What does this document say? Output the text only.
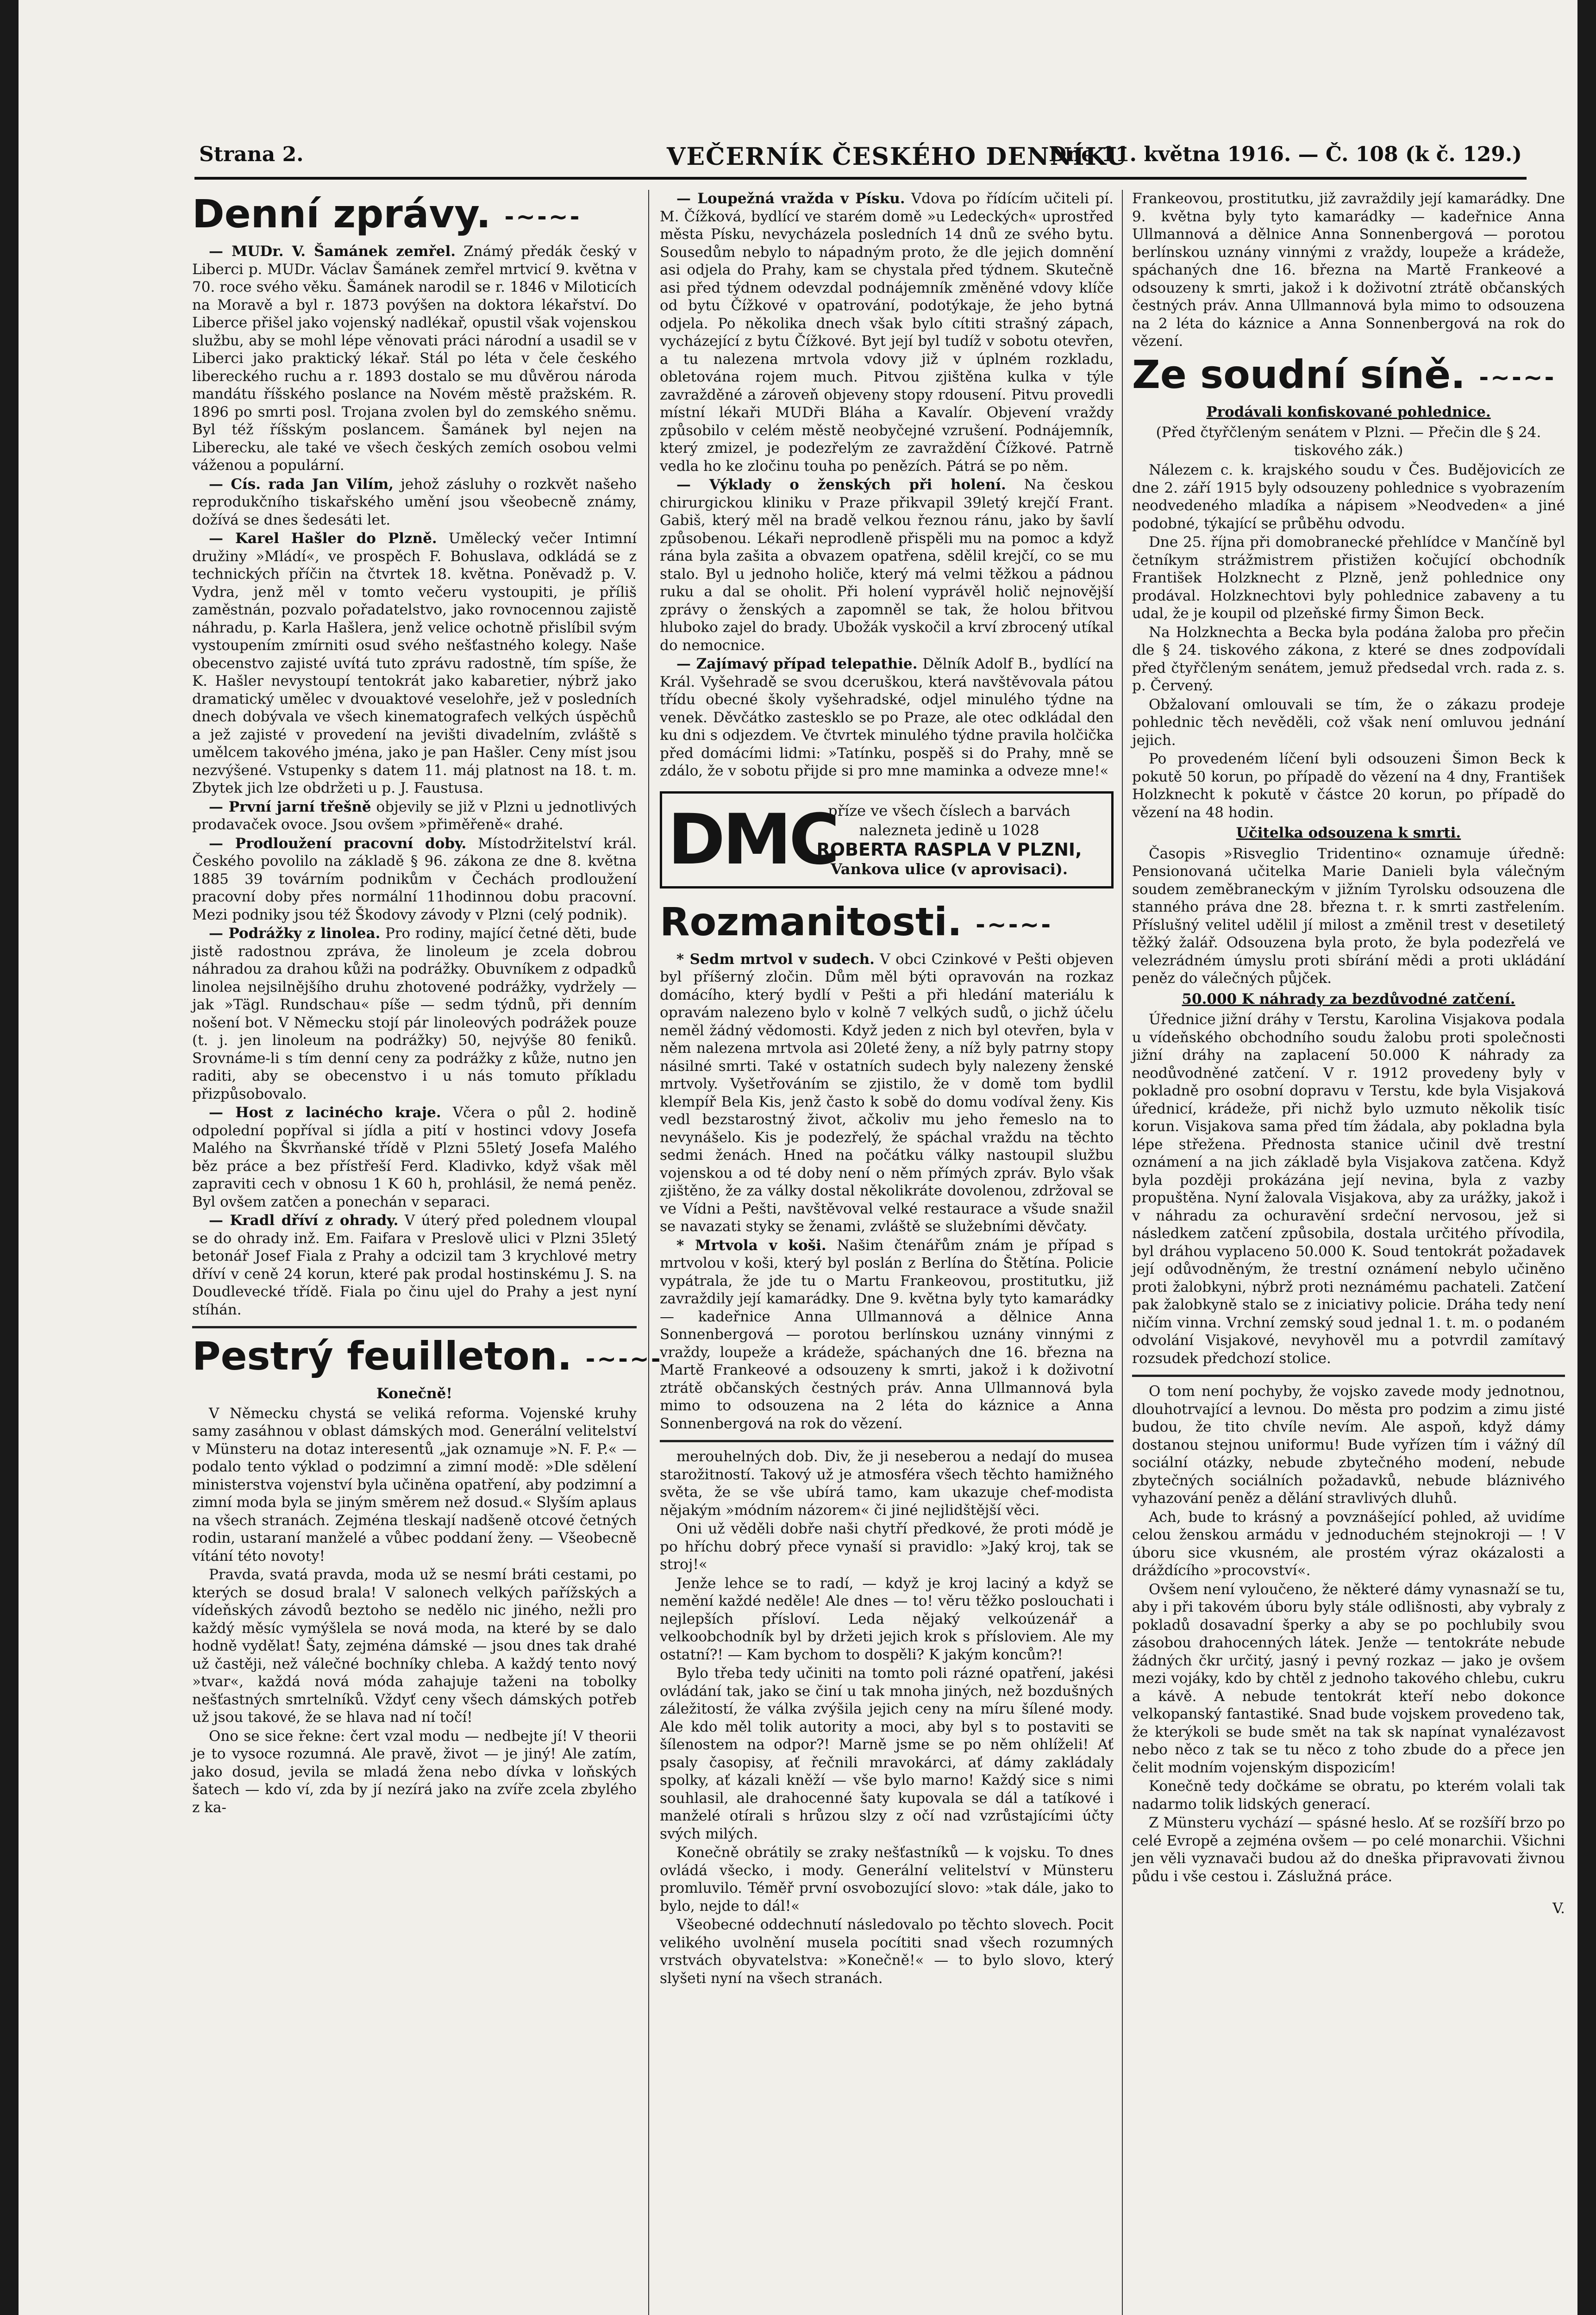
Strana 2.	VEČERNÍK ČESKÉHO DENNÍKU
Dne 11. května 1916. — Č. 108 (k č. 129.)
Denní zprávy. -~-~-

— MUDr. V. Šamánek zemřel. Známý předák český v Liberci p. MUDr. Václav Šamánek zemřel mrtvicí 9. května v 70. roce svého věku. Šamánek narodil se r. 1846 v Miloticích na Moravě a byl r. 1873 povýšen na doktora lékařství. Do Liberce přišel jako vojenský nadlékař, opustil však vojenskou službu, aby se mohl lépe věnovati práci národní a usadil se v Liberci jako praktický lékař. Stál po léta v čele českého libereckého ruchu a r. 1893 dostalo se mu důvěrou národa mandátu říšského poslance na Novém městě pražském. R. 1896 po smrti posl. Trojana zvolen byl do zemského sněmu. Byl též říšským poslancem. Šamánek byl nejen na Liberecku, ale také ve všech českých zemích osobou velmi váženou a populární.

— Cís. rada Jan Vilím, jehož zásluhy o rozkvět našeho reprodukčního tiskařského umění jsou všeobecně známy, dožívá se dnes šedesáti let.

— Karel Hašler do Plzně. Umělecký večer Intimní družiny »Mládí«, ve prospěch F. Bohuslava, odkládá se z technických příčin na čtvrtek 18. května. Poněvadž p. V. Vydra, jenž měl v tomto večeru vystoupiti, je příliš zaměstnán, pozvalo pořadatelstvo, jako rovnocennou zajistě náhradu, p. Karla Hašlera, jenž velice ochotně přislíbil svým vystoupením zmírniti osud svého nešťastného kolegy. Naše obecenstvo zajisté uvítá tuto zprávu radostně, tím spíše, že K. Hašler nevystoupí tentokrát jako kabaretier, nýbrž jako dramatický umělec v dvouaktové veselohře, jež v posledních dnech dobývala ve všech kinematografech velkých úspěchů a jež zajisté v provedení na jevišti divadelním, zvláště s umělcem takového jména, jako je pan Hašler. Ceny míst jsou nezvýšené. Vstupenky s datem 11. máj platnost na 18. t. m. Zbytek jich lze obdržeti u p. J. Faustusa.

— První jarní třešně objevily se již v Plzni u jednotlivých prodavaček ovoce. Jsou ovšem »přiměřeně« drahé.

— Prodloužení pracovní doby. Místodržitelství král. Českého povolilo na základě § 96. zákona ze dne 8. května 1885 39 továrním podnikům v Čechách prodloužení pracovní doby přes normální 11hodinnou dobu pracovní. Mezi podniky jsou též Škodovy závody v Plzni (celý podnik).

— Podrážky z linolea. Pro rodiny, mající četné děti, bude jistě radostnou zpráva, že linoleum je zcela dobrou náhradou za drahou kůži na podrážky. Obuvníkem z odpadků linolea nejsilnějšího druhu zhotovené podrážky, vydržely — jak »Tägl. Rundschau« píše — sedm týdnů, při denním nošení bot. V Německu stojí pár linoleových podrážek pouze (t. j. jen linoleum na podrážky) 50, nejvýše 80 feniků. Srovnáme-li s tím denní ceny za podrážky z kůže, nutno jen raditi, aby se obecenstvo i u nás tomuto příkladu přizpůsobovalo.

— Host z lacinécho kraje. Včera o půl 2. hodině odpolední popříval si jídla a pití v hostinci vdovy Josefa Malého na Škvrňanské třídě v Plzni 55letý Josefa Malého běz práce a bez přístřeší Ferd. Kladivko, když však měl zapraviti cech v obnosu 1 K 60 h, prohlásil, že nemá peněz. Byl ovšem zatčen a ponechán v separaci.

— Kradl dříví z ohrady. V úterý před polednem vloupal se do ohrady inž. Em. Faifara v Preslově ulici v Plzni 35letý betonář Josef Fiala z Prahy a odcizil tam 3 krychlové metry dříví v ceně 24 korun, které pak prodal hostinskému J. S. na Doudlevecké třídě. Fiala po činu ujel do Prahy a jest nyní stíhán.

Pestrý feuilleton. -~-~-

Konečně!

V Německu chystá se veliká reforma. Vojenské kruhy samy zasáhnou v oblast dámských mod. Generální velitelství v Münsteru na dotaz interesentů „jak oznamuje »N. F. P.« — podalo tento výklad o podzimní a zimní modě: »Dle sdělení ministerstva vojenství byla učiněna opatření, aby podzimní a zimní moda byla se jiným směrem než dosud.« Slyším aplaus na všech stranách. Zejména tleskají nadšeně otcové četných rodin, ustaraní manželé a vůbec poddaní ženy. — Všeobecně vítání této novoty!

Pravda, svatá pravda, moda už se nesmí bráti cestami, po kterých se dosud brala! V salonech velkých pařížských a vídeňských závodů beztoho se nedělo nic jiného, nežli pro každý měsíc vymýšlela se nová moda, na které by se dalo hodně vydělat! Šaty, zejména dámské — jsou dnes tak drahé už častěji, než válečné bochníky chleba. A každý tento nový »tvar«, každá nová móda zahajuje taženi na tobolky nešťastných smrtelníků. Vždyť ceny všech dámských potřeb už jsou takové, že se hlava nad ní točí!

Ono se sice řekne: čert vzal modu — nedbejte jí! V theorii je to vysoce rozumná. Ale pravě, život — je jiný! Ale zatím, jako dosud, jevila se mladá žena nebo dívka v loňských šatech — kdo ví, zda by jí nezírá jako na zvíře zcela zbylého z ka-

— Loupežná vražda v Písku. Vdova po řídícím učiteli pí. M. Čížková, bydlící ve starém domě »u Ledeckých« uprostřed města Písku, nevycházela posledních 14 dnů ze svého bytu. Sousedům nebylo to nápadným proto, že dle jejich domnění asi odjela do Prahy, kam se chystala před týdnem. Skutečně asi před týdnem odevzdal podnájemník změněné vdovy klíče od bytu Čížkové v opatrování, podotýkaje, že jeho bytná odjela. Po několika dnech však bylo cítiti strašný zápach, vycházející z bytu Čížkové. Byt její byl tudíž v sobotu otevřen, a tu nalezena mrtvola vdovy již v úplném rozkladu, obletována rojem much. Pitvou zjištěna kulka v týle zavražděné a zároveň objeveny stopy rdousení. Pitvu provedli místní lékaři MUDři Bláha a Kavalír. Objevení vraždy způsobilo v celém městě neobyčejné vzrušení. Podnájemník, který zmizel, je podezřelým ze zavraždění Čížkové. Patrně vedla ho ke zločinu touha po penězích. Pátrá se po něm.

— Výklady o ženských při holení. Na českou chirurgickou kliniku v Praze přikvapil 39letý krejčí Frant. Gabiš, který měl na bradě velkou řeznou ránu, jako by šavlí způsobenou. Lékaři neprodleně přispěli mu na pomoc a když rána byla zašita a obvazem opatřena, sdělil krejčí, co se mu stalo. Byl u jednoho holiče, který má velmi těžkou a pádnou ruku a dal se oholit. Při holení vyprávěl holič nejnovější zprávy o ženských a zapomněl se tak, že holou břitvou hluboko zajel do brady. Ubožák vyskočil a krví zbrocený utíkal do nemocnice.

— Zajímavý případ telepathie. Dělník Adolf B., bydlící na Král. Vyšehradě se svou dceruškou, která navštěvovala pátou třídu obecné školy vyšehradské, odjel minulého týdne na venek. Děvčátko zastesklo se po Praze, ale otec odkládal den ku dni s odjezdem. Ve čtvrtek minulého týdne pravila holčička před domácími lidmi: »Tatínku, pospěš si do Prahy, mně se zdálo, že v sobotu přijde si pro mne maminka a odveze mne!«

DMC
příze ve všech číslech a barvách
nalezneta jedině u 1028
ROBERTA RASPLA V PLZNI,
Vankova ulice (v aprovisaci).
Rozmanitosti. -~-~-

* Sedm mrtvol v sudech. V obci Czinkové v Pešti objeven byl příšerný zločin. Dům měl býti opravován na rozkaz domácího, který bydlí v Pešti a při hledání materiálu k opravám nalezeno bylo v kolně 7 velkých sudů, o jichž účelu neměl žádný vědomosti. Když jeden z nich byl otevřen, byla v něm nalezena mrtvola asi 20leté ženy, a níž byly patrny stopy násilné smrti. Také v ostatních sudech byly nalezeny ženské mrtvoly. Vyšetřováním se zjistilo, že v domě tom bydlil klempíř Bela Kis, jenž často k sobě do domu vodíval ženy. Kis vedl bezstarostný život, ačkoliv mu jeho řemeslo na to nevynášelo. Kis je podezřelý, že spáchal vraždu na těchto sedmi ženách. Hned na počátku války nastoupil službu vojenskou a od té doby není o něm přímých zpráv. Bylo však zjištěno, že za války dostal několikráte dovolenou, zdržoval se ve Vídni a Pešti, navštěvoval velké restaurace a všude snažil se navazati styky se ženami, zvláště se služebními děvčaty.

* Mrtvola v koši. Našim čtenářům znám je případ s mrtvolou v koši, který byl poslán z Berlína do Štětína. Policie vypátrala, že jde tu o Martu Frankeovou, prostitutku, již zavraždily její kamarádky. Dne 9. května byly tyto kamarádky — kadeřnice Anna Ullmannová a dělnice Anna Sonnenbergová — porotou berlínskou uznány vinnými z vraždy, loupeže a krádeže, spáchaných dne 16. března na Martě Frankeové a odsouzeny k smrti, jakož i k doživotní ztrátě občanských čestných práv. Anna Ullmannová byla mimo to odsouzena na 2 léta do káznice a Anna Sonnenbergová na rok do vězení.

merouhelných dob. Div, že ji neseberou a nedají do musea starožitností. Takový už je atmosféra všech těchto hamižného světa, že se vše ubírá tamo, kam ukazuje chef-modista nějakým »módním názorem« či jiné nejlidštější věci.

Oni už věděli dobře naši chytří předkové, že proti módě je po hříchu dobrý přece vynaší si pravidlo: »Jaký kroj, tak se stroj!«

Jenže lehce se to radí, — když je kroj laciný a když se nemění každé neděle! Ale dnes — to! věru těžko poslouchati i nejlepších přísloví. Leda nějaký velkoúzenář a velkoobchodník byl by držeti jejich krok s přísloviem. Ale my ostatní?! — Kam bychom to dospěli? K jakým koncům?!

Bylo třeba tedy učiniti na tomto poli rázné opatření, jakési ovládání tak, jako se činí u tak mnoha jiných, než bozdušných záležitostí, že válka zvýšila jejich ceny na míru šílené mody. Ale kdo měl tolik autority a moci, aby byl s to postaviti se šílenostem na odpor?! Marně jsme se po něm ohlíželi! Ať psaly časopisy, ať řečnili mravokárci, ať dámy zakládaly spolky, ať kázali kněží — vše bylo marno! Každý sice s nimi souhlasil, ale drahocenné šaty kupovala se dál a tatíkové i manželé otírali s hrůzou slzy z očí nad vzrůstajícími účty svých milých.

Konečně obrátily se zraky nešťastníků — k vojsku. To dnes ovládá všecko, i mody. Generální velitelství v Münsteru promluvilo. Téměř první osvobozující slovo: »tak dále, jako to bylo, nejde to dál!«

Všeobecné oddechnutí následovalo po těchto slovech. Pocit velikého uvolnění musela pocítiti snad všech rozumných vrstvách obyvatelstva: »Konečně!« — to bylo slovo, který slyšeti nyní na všech stranách.

Frankeovou, prostitutku, již zavraždily její kamarádky. Dne 9. května byly tyto kamarádky — kadeřnice Anna Ullmannová a dělnice Anna Sonnenbergová — porotou berlínskou uznány vinnými z vraždy, loupeže a krádeže, spáchaných dne 16. března na Martě Frankeové a odsouzeny k smrti, jakož i k doživotní ztrátě občanských čestných práv. Anna Ullmannová byla mimo to odsouzena na 2 léta do káznice a Anna Sonnenbergová na rok do vězení.

Ze soudní síně. -~-~-

Prodávali konfiskované pohlednice.

(Před čtyřčleným senátem v Plzni. — Přečin dle § 24. tiskového zák.)

Nálezem c. k. krajského soudu v Čes. Budějovicích ze dne 2. září 1915 byly odsouzeny pohlednice s vyobrazením neodvedeného mladíka a nápisem »Neodveden« a jiné podobné, týkající se průběhu odvodu.

Dne 25. října při domobranecké přehlídce v Mančíně byl četníkym strážmistrem přistižen kočující obchodník František Holzknecht z Plzně, jenž pohlednice ony prodával. Holzknechtovi byly pohlednice zabaveny a tu udal, že je koupil od plzeňské firmy Šimon Beck.

Na Holzknechta a Becka byla podána žaloba pro přečin dle § 24. tiskového zákona, z které se dnes zodpovídali před čtyřčleným senátem, jemuž předsedal vrch. rada z. s. p. Červený.

Obžalovaní omlouvali se tím, že o zákazu prodeje pohlednic těch nevěděli, což však není omluvou jednání jejich.

Po provedeném líčení byli odsouzeni Šimon Beck k pokutě 50 korun, po případě do vězení na 4 dny, František Holzknecht k pokutě v částce 20 korun, po případě do vězení na 48 hodin.

Učitelka odsouzena k smrti.

Časopis »Risveglio Tridentino« oznamuje úředně: Pensionovaná učitelka Marie Danieli byla válečným soudem zeměbraneckým v jižním Tyrolsku odsouzena dle stanného práva dne 28. března t. r. k smrti zastřelením. Příslušný velitel udělil jí milost a změnil trest v desetiletý těžký žalář. Odsouzena byla proto, že byla podezřelá ve velezrádném úmyslu proti sbírání mědi a proti ukládání peněz do válečných půjček.

50.000 K náhrady za bezdůvodné zatčení.

Úřednice jižní dráhy v Terstu, Karolina Visjakova podala u vídeňského obchodního soudu žalobu proti společnosti jižní dráhy na zaplacení 50.000 K náhrady za neodůvodněné zatčení. V r. 1912 provedeny byly v pokladně pro osobní dopravu v Terstu, kde byla Visjaková úřednicí, krádeže, při nichž bylo uzmuto několik tisíc korun. Visjakova sama před tím žádala, aby pokladna byla lépe střežena. Přednosta stanice učinil dvě trestní oznámení a na jich základě byla Visjakova zatčena. Když byla později prokázána její nevina, byla z vazby propuštěna. Nyní žalovala Visjakova, aby za urážky, jakož i v náhradu za ochuravění srdeční nervosou, jež si následkem zatčení způsobila, dostala určitého přívodila, byl dráhou vyplaceno 50.000 K. Soud tentokrát požadavek její odůvodněným, že trestní oznámení nebylo učiněno proti žalobkyni, nýbrž proti neznámému pachateli. Zatčení pak žalobkyně stalo se z iniciativy policie. Dráha tedy není ničím vinna. Vrchní zemský soud jednal 1. t. m. o podaném odvolání Visjakové, nevyhověl mu a potvrdil zamítavý rozsudek předchozí stolice.

O tom není pochyby, že vojsko zavede mody jednotnou, dlouhotrvající a levnou. Do města pro podzim a zimu jisté budou, že tito chvíle nevím. Ale aspoň, když dámy dostanou stejnou uniformu! Bude vyřízen tím i vážný díl sociální otázky, nebude zbytečného modení, nebude zbytečných sociálních požadavků, nebude bláznivého vyhazování peněz a dělání stravlivých dluhů.

Ach, bude to krásný a povznášející pohled, až uvidíme celou ženskou armádu v jednoduchém stejnokroji — ! V úboru sice vkusném, ale prostém výraz okázalosti a dráždícího »procovství«.

Ovšem není vyloučeno, že některé dámy vynasnaží se tu, aby i při takovém úboru byly stále odlišnosti, aby vybraly z pokladů dosavadní šperky a aby se po pochlubily svou zásobou drahocenných látek. Jenže — tentokráte nebude žádných čkr určitý, jasný i pevný rozkaz — jako je ovšem mezi vojáky, kdo by chtěl z jednoho takového chlebu, cukru a kávě. A nebude tentokrát kteří nebo dokonce velkopanský fantastiké. Snad bude vojskem provedeno tak, že kterýkoli se bude smět na tak sk napínat vynalézavost nebo něco z tak se tu něco z toho zbude do a přece jen čelit modním vojenským dispozicím!

Konečně tedy dočkáme se obratu, po kterém volali tak nadarmo tolik lidských generací.

Z Münsteru vychází — spásné heslo. Ať se rozšíří brzo po celé Evropě a zejména ovšem — po celé monarchii. Všichni jen věli vyznavači budou až do dneška připravovati živnou půdu i vše cestou i. Záslužná práce.

V.
